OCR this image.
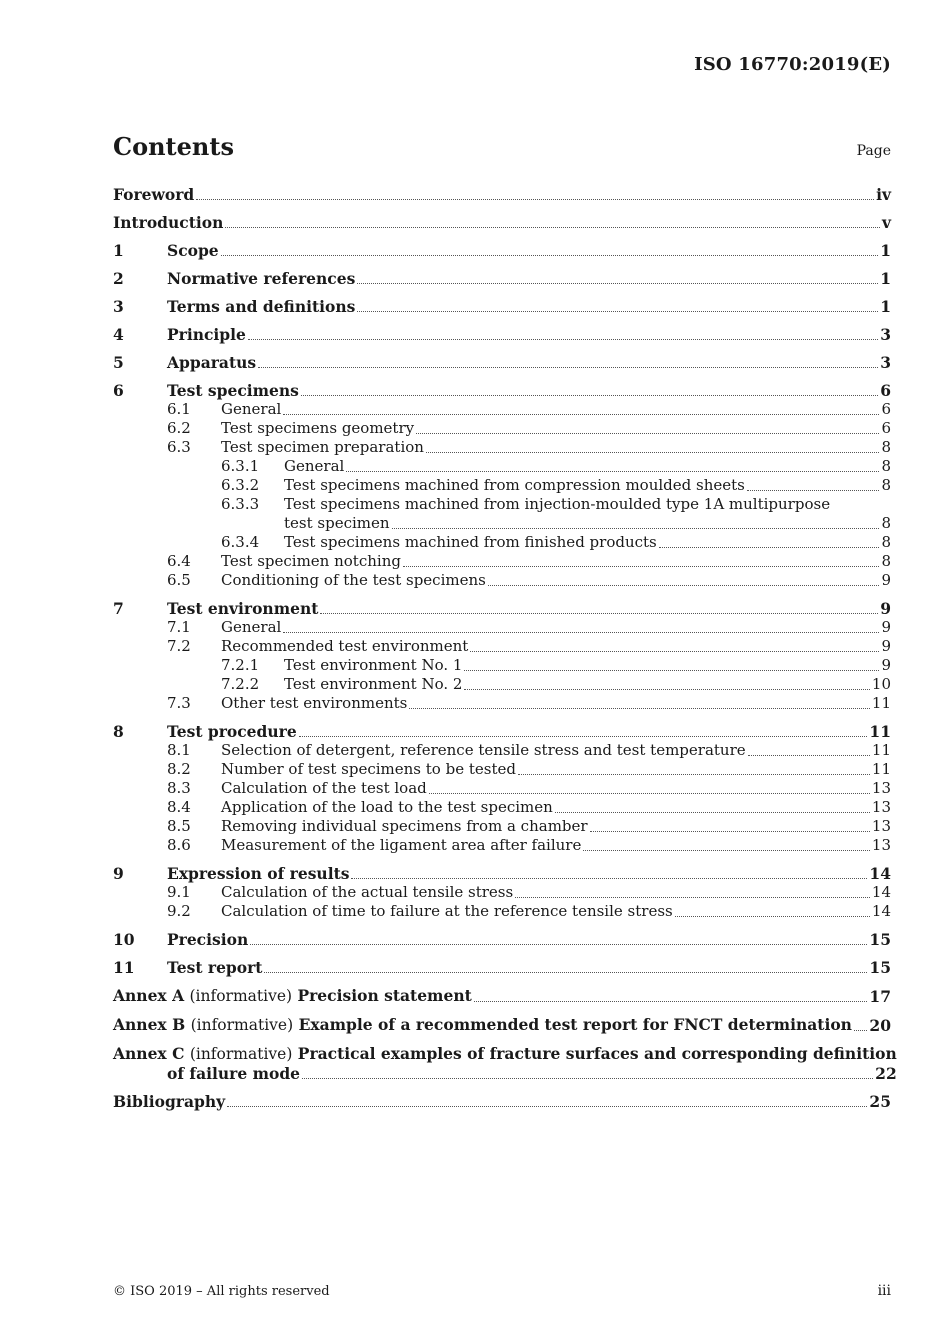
ISO 16770:2019(E)
Contents	Page
Foreword	iv
Introduction	v
1	Scope	1
2	Normative references	1
3	Terms and definitions	1
4	Principle	3
5	Apparatus	3
6	Test specimens	6
6.1	General	6
6.2	Test specimens geometry	6
6.3	Test specimen preparation	8
6.3.1	General	8
6.3.2	Test specimens machined from compression moulded sheets	8
6.3.3	Test specimens machined from injection-moulded type 1A multipurpose
test specimen	8
6.3.4	Test specimens machined from finished products	8
6.4	Test specimen notching	8
6.5	Conditioning of the test specimens	9
7	Test environment	9
7.1	General	9
7.2	Recommended test environment	9
7.2.1	Test environment No. 1	9
7.2.2	Test environment No. 2	10
7.3	Other test environments	11
8	Test procedure	11
8.1	Selection of detergent, reference tensile stress and test temperature	11
8.2	Number of test specimens to be tested	11
8.3	Calculation of the test load	13
8.4	Application of the load to the test specimen	13
8.5	Removing individual specimens from a chamber	13
8.6	Measurement of the ligament area after failure	13
9	Expression of results	14
9.1	Calculation of the actual tensile stress	14
9.2	Calculation of time to failure at the reference tensile stress	14
10	Precision	15
11	Test report	15
Annex A (informative) Precision statement	17
Annex B (informative) Example of a recommended test report for FNCT determination 20
Annex C (informative) Practical examples of fracture surfaces and corresponding definition
of failure mode	22
Bibliography	25
© ISO 2019 – All rights reserved	iii
